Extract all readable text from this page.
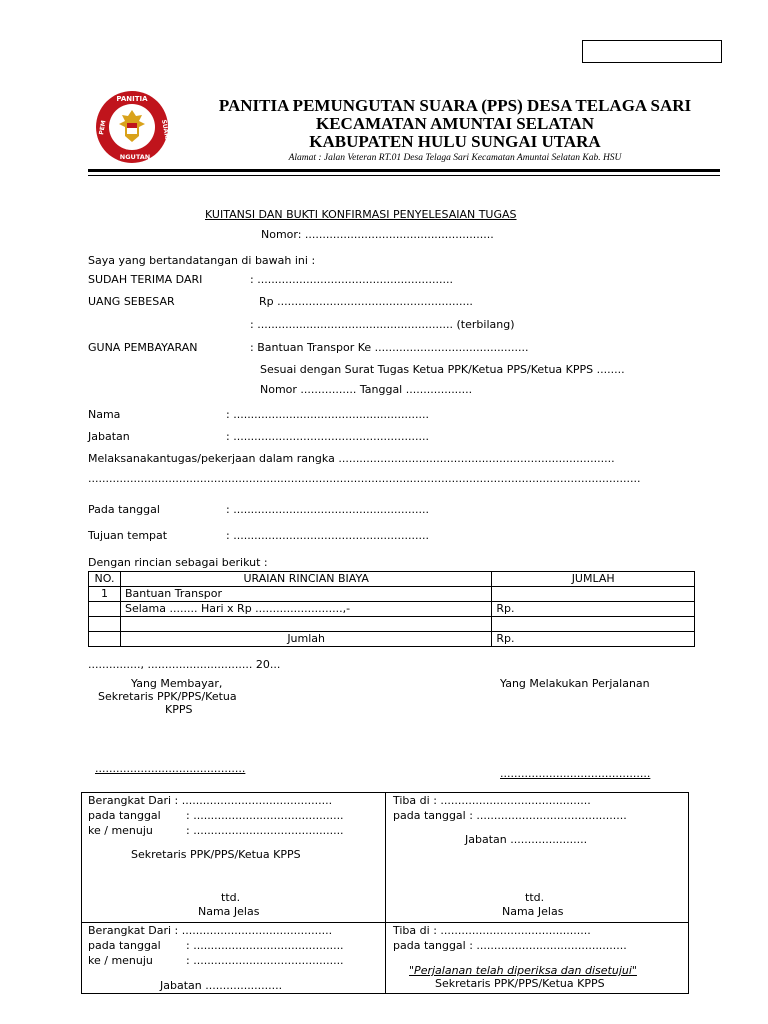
PANITIA
PEM	SUARA
NGUTAN
PANITIA PEMUNGUTAN SUARA (PPS) DESA TELAGA SARI
KECAMATAN AMUNTAI SELATAN
KABUPATEN HULU SUNGAI UTARA
Alamat : Jalan Veteran RT.01 Desa Telaga Sari Kecamatan Amuntai Selatan Kab. HSU
KUITANSI DAN BUKTI KONFIRMASI PENYELESAIAN TUGAS
Nomor: ......................................................
Saya yang bertandatangan di bawah ini :
SUDAH TERIMA DARI	: ........................................................
UANG SEBESAR	Rp ........................................................
: ........................................................ (terbilang)
GUNA PEMBAYARAN	: Bantuan Transpor Ke ............................................
Sesuai dengan Surat Tugas Ketua PPK/Ketua PPS/Ketua KPPS ........
Nomor ................ Tanggal ...................
Nama	: ........................................................
Jabatan	: ........................................................
Melaksanakantugas/pekerjaan dalam rangka ...............................................................................
..............................................................................................................................................................
Pada tanggal	: ........................................................
Tujuan tempat	: ........................................................
Dengan rincian sebagai berikut :
NO.	URAIAN RINCIAN BIAYA	JUMLAH
1	Bantuan Transpor	
	Selama ........ Hari x Rp .........................,-	Rp.

	Jumlah	Rp.
..............., .............................. 20...
Yang Membayar,
Sekretaris PPK/PPS/Ketua
KPPS
Yang Melakukan Perjalanan
...........................................	...........................................
Berangkat Dari : ...........................................
pada tanggal : ...........................................
ke / menuju	: ...........................................
Sekretaris PPK/PPS/Ketua KPPS
ttd.
Nama Jelas
Tiba di : ...........................................
pada tanggal : ...........................................
Jabatan ......................
ttd.
Nama Jelas
Berangkat Dari : ...........................................
pada tanggal : ...........................................
ke / menuju	: ...........................................
Jabatan ......................
Tiba di : ...........................................
pada tanggal : ...........................................
"Perjalanan telah diperiksa dan disetujui"
Sekretaris PPK/PPS/Ketua KPPS
